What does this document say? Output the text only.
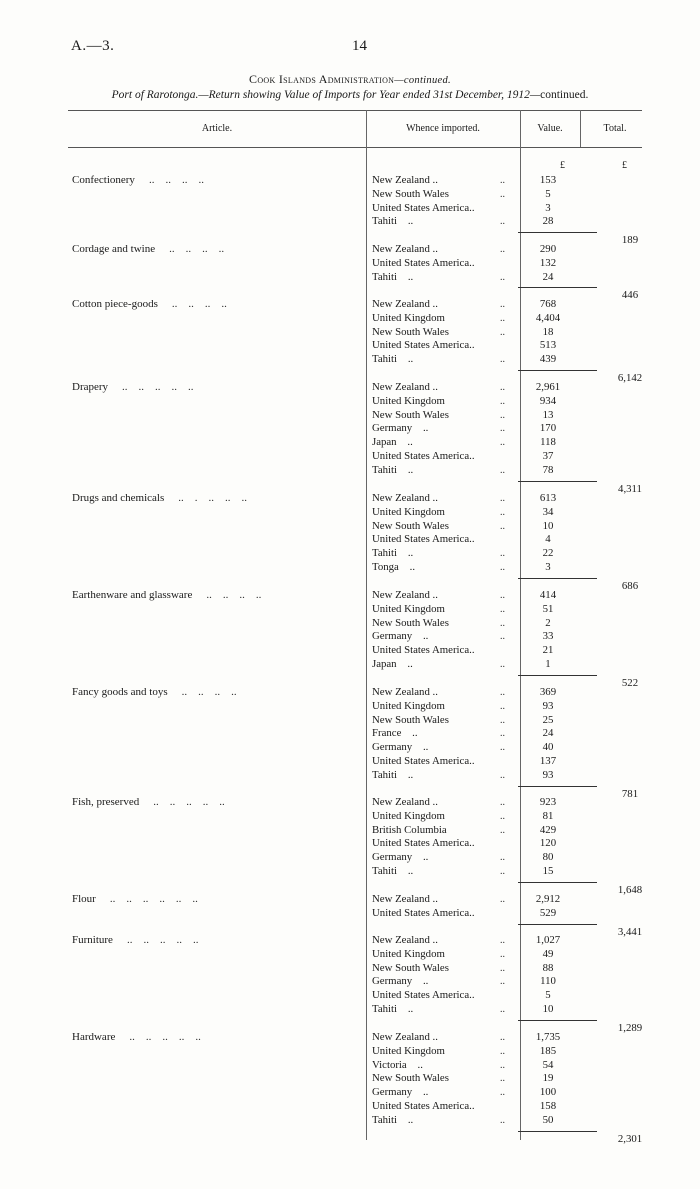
A.—3.	14
Cook Islands Administration—continued.
Port of Rarotonga.—Return showing Value of Imports for Year ended 31st December, 1912—continued.
Article.	Whence imported.	Value.	Total.
£	£
Confectionery ..    ..    ..    ..	New Zealand ..	..	153
New South Wales	..	5
United States America..	3
Tahiti    ..	..	28
189
Cordage and twine ..    ..    ..    ..	New Zealand ..	..	290
United States America..	132
Tahiti    ..	..	24
446
Cotton piece-goods ..    ..    ..    ..	New Zealand ..	..	768
United Kingdom	..	4,404
New South Wales	..	18
United States America..	513
Tahiti    ..	..	439
6,142
Drapery ..    ..    ..    ..    ..	New Zealand ..	..	2,961
United Kingdom	..	934
New South Wales	..	13
Germany    ..	..	170
Japan    ..	..	118
United States America..	37
Tahiti    ..	..	78
4,311
Drugs and chemicals ..    .    ..    ..    ..	New Zealand ..	..	613
United Kingdom	..	34
New South Wales	..	10
United States America..	4
Tahiti    ..	..	22
Tonga    ..	..	3
686
Earthenware and glassware ..    ..    ..    ..	New Zealand ..	..	414
United Kingdom	..	51
New South Wales	..	2
Germany    ..	..	33
United States America..	21
Japan    ..	..	1
522
Fancy goods and toys ..    ..    ..    ..	New Zealand ..	..	369
United Kingdom	..	93
New South Wales	..	25
France    ..	..	24
Germany    ..	..	40
United States America..	137
Tahiti    ..	..	93
781
Fish, preserved ..    ..    ..    ..    ..	New Zealand ..	..	923
United Kingdom	..	81
British Columbia	..	429
United States America..	120
Germany    ..	..	80
Tahiti    ..	..	15
1,648
Flour ..    ..    ..    ..    ..    ..	New Zealand ..	..	2,912
United States America..	529
3,441
Furniture ..    ..    ..    ..    ..	New Zealand ..	..	1,027
United Kingdom	..	49
New South Wales	..	88
Germany    ..	..	110
United States America..	5
Tahiti    ..	..	10
1,289
Hardware ..    ..    ..    ..    ..	New Zealand ..	..	1,735
United Kingdom	..	185
Victoria    ..	..	54
New South Wales	..	19
Germany    ..	..	100
United States America..	158
Tahiti    ..	..	50
2,301
